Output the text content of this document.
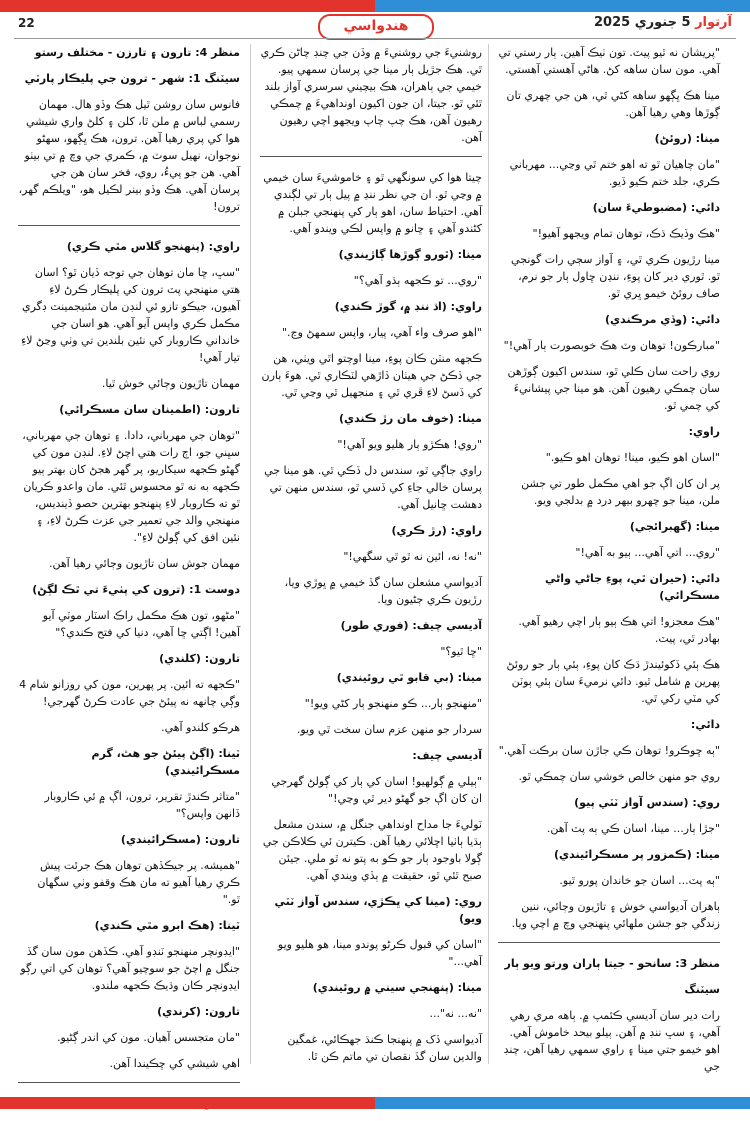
22	هندواسي	آرتوار 5 جنوري 2025

"پريشان نه ٿيو پيٽ. تون ٺيڪ آهين. ٻار رستي تي آهي. مون سان ساهه کڻ. هاڻي آهستي آهستي.

مينا هڪ ڀڳهو ساهه کڻي ٿي، هن جي چهري تان ڳوڙها وهي رهيا آهن.

مينا: (روئڻ)

"مان چاهيان ٿو ته اهو ختم ٿي وڃي... مهرباني ڪري، جلد ختم ڪيو ڏيو.

دائي: (مضبوطيءَ سان)

"هڪ وڏيڪ ڌڪ، توهان تمام ويجهو آهيو!"

مينا رڙيون ڪري ٿي، ۽ آواز سڄي رات گونجي ٿو. ٿوري دير کان پوءِ، ننڍن ڇاول ٻار جو نرم، صاف روئڻ خيمو ڀري ٿو.

دائي: (وڏي مرڪندي)

"مبارڪون! توهان وٽ هڪ خوبصورت ٻار آهي!"

روي راحت سان ڪلي ٿو، سندس اکيون ڳوڙهن سان چمڪي رهيون آهن. هو مينا جي پيشانيءَ کي چمي ٿو.

راوي:

"اسان اهو ڪيو، مينا! توهان اهو ڪيو."

پر ان کان اڳ جو اهي مڪمل طور تي جشن ملن، مينا جو چهرو بيهر درد ۾ بدلجي ويو.

مينا: (گهبرائجي)

"روي... اتي آهي... ٻيو به آهي!"

دائي: (حيران ٿي، پوءِ جاڻي واڻي مسڪرائي)

"هڪ معجزو! اتي هڪ ٻيو ٻار اچي رهيو آهي. بهادر ٿي، پيٽ.

هڪ ٻئي ڏکوئيندڙ ڌڪ کان پوءِ، ٻئي ٻار جو روئڻ پهرين ۾ شامل ٿيو. دائي نرميءَ سان ٻئي ٻوٽن کي مٽي رکي ٿي.

دائي:

"ٻه ڇوڪرو! توهان ڪي جاڙن سان برڪت آهي."

روي جو منهن خالص خوشي سان چمڪي ٿو.

روي: (سندس آواز ٽٽي پيو)

"جڙا ٻار... مينا، اسان ڪي ٻه پٽ آهن.

مينا: (ڪمزور پر مسڪرائيندي)

"ٻه پٽ... اسان جو خاندان پورو ٿيو.

ٻاهران آديواسي خوش ۽ تاڙيون وڄائي، ننين زندگي جو جشن ملهائي پنهنجي وچ ۾ اچي ويا.

منظر 3: سانحو - جيتا ٻاران ورتو ويو ٻار

سيٽنگ

رات دير سان آديسي ڪئمپ ۾. ٻاهه مري رهي آهي، ۽ سڀ ننڊ ۾ آهن. ٻيلو بيحد خاموش آهي. اهو خيمو جتي مينا ۽ راوي سمهي رهيا آهن، چنڊ جي

روشنيءَ جي روشنيءَ ۾ وڏن جي چنڊ چاڻن ڪري ٿي. هڪ جڙيل ٻار مينا جي پرسان سمهي پيو. خيمي جي ٻاهران، هڪ بيچيني سرسري آواز بلند ٿئي ٿو. جيتا، ان جون اکيون اونداهيءَ ۾ چمڪي رهيون آهن، هڪ چپ چاپ ويجهو اچي رهيون آهن.

چيتا هوا کي سونگهي ٿو ۽ خاموشيءَ سان خيمي ۾ وڃي ٿو. ان جي نظر ننڍ ۾ پيل ٻار تي لڳندي آهي. احتياط سان، اهو ٻار کي پنهنجي جبلن ۾ کڻندو آهي ۽ ڇانو ۾ واپس لڪي ويندو آهي.

مينا: (ٿورو ڳوڙها ڳاڙيندي)

"روي... تو ڪجهه ٻڌو آهي؟"

راوي: (اڌ ننڊ ۾، گوڙ ڪندي)

"اهو صرف واء آهي، پيار، واپس سمهڻ وڃ."

ڪجهه منٽن ڪان پوءِ، مينا اوچتو اٿي ويٺي، هن جي ڏڪڻ جي هيٺان ڏاڙهي لٽڪاري ٿي. هوءَ ٻارن کي ڏسڻ لاءِ ڦري ٿي ۽ منجهيل ٿي وڃي ٿي.

مينا: (خوف مان رڙ ڪندي)

"روي! هڪڙو ٻار هليو ويو آهي!"

راوي جاڳي ٿو، سندس دل ڏڪي ٿي. هو مينا جي پرسان خالي جاءِ کي ڏسي ٿو، سندس منهن تي دهشت ڇانيل آهي.

راوي: (رڙ ڪري)

"نه! نه، ائين نه ٿو ٿي سگهي!"

آديواسي مشعلن سان گڏ خيمي ۾ ڀوڙي ويا، رڙيون ڪري ڄڻيون ويا.

آديسي چيف: (فوري طور)

"ڇا ٿيو؟"

مينا: (بي قابو ٿي روئيندي)

"منهنجو ٻار... ڪو منهنجو ٻار کڻي ويو!"

سردار جو منهن عزم سان سخت ٿي ويو.

آديسي چيف:

"ٻيلي ۾ ڳولهيو! اسان کي ٻار کي ڳولڻ گهرجي ان کان اڳ جو گهڻو دير ٿي وڃي!"

ٽوليءَ جا مداح اونداهي جنگل ۾، سندن مشعل ٻڌيا ٻاٺيا اڇلائي رهيا آهن. ڪيترن ئي ڪلاڪن جي ڳولا باوجود ٻار جو ڪو به پتو نه ٿو ملي. جيئن صبح ٿئي ٿو، حقيقت ۾ ٻڏي ويندي آهي.

روي: (مينا کي ڀڪڙي، سندس آواز ٽٽي ويو)

"اسان کي قبول ڪرڻو پوندو مينا، هو هليو ويو آهي..."

مينا: (پنهنجي سيني ۾ روئيندي)

"نه... نه"...

آديواسي ڏک ۾ پنهنجا ڪنڌ جهڪائي، غمگين والدين سان گڏ نقصان تي ماتم ڪن ٿا.

منظر 4: تارون ۽ تارزن - مختلف رستو

سيٽنگ 1: شهر - ترون جي پليڪار پارٽي

فانوس سان روشن ٿيل هڪ وڏو هال. مهمان رسمي لباس ۾ ملن ٿا، کلن ۽ کلڻ واري شيشي هوا کي پري رهيا آهن. ترون، هڪ ڀڳهو، سهڻو نوجوان، نهيل سوٽ ۾، ڪمري جي وچ ۾ تي بيٺو آهي. هن جو پيءُ، روي، فخر سان هن جي پرسان آهي. هڪ وڏو بينر لڪيل هو، "ويلڪم گهر، ترون!

راوي: (پنهنجو گلاس مٿي ڪري)

"سڀ، ڇا مان توهان جي توجه ڏيان ٿو؟ اسان هتي منهنجي پٽ ترون کي پليڪار ڪرڻ لاءِ آهيون، جيڪو تازو ئي لنڊن مان مئنيجمينٽ ڊگري مڪمل ڪري واپس آيو آهي. هو اسان جي خانداني ڪاروبار کي نئين بلندين تي وٺي وڃڻ لاءِ تيار آهي!

مهمان تاڙيون وڄائي خوش ٿيا.

تارون: (اطمينان سان مسڪرائي)

"توهان جي مهرباني، دادا. ۽ توهان جي مهرباني، سڀني جو، اڄ رات هتي اچڻ لاءِ. لنڊن مون کي گهڻو ڪجهه سيکاريو، پر گهر هجڻ کان بهتر ٻيو ڪجهه به نه ٿو محسوس ٿئي. مان واعدو ڪريان ٿو ته ڪاروبار لاءِ پنهنجو بهترين حصو ڏينديس، منهنجي والد جي تعمير جي عزت ڪرڻ لاءِ، ۽ نئين افق کي ڳولڻ لاءِ".

مهمان جوش سان تاڙيون وڄائي رهيا آهن.

دوست 1: (ترون کي پٺيءَ تي ٿڪ لڳڻ)

"مڻهو، تون هڪ مڪمل راڪ اسٽار موٽي آيو آهين! اڳتي ڇا آهي، دنيا کي فتح ڪندي؟"

تارون: (کلندي)

"ڪجهه ته ائين. پر پهرين، مون کي روزانو شام 4 وڳي چانهه نه پيئڻ جي عادت ڪرڻ گهرجي!

هرڪو کلندو آهي.

ٽينا: (اڳڻ پيئڻ جو هٿ، گرم مسڪرائيندي)

"متاثر ڪندڙ تقرير، ترون، اڳ ۾ ئي ڪاروبار ڏانهن واپس؟"

تارون: (مسڪرائيندي)

"هميشه. پر جيڪڏهن توهان هڪ جرئت پيش ڪري رهيا آهيو ته مان هڪ وقفو وٺي سگهان ٿو."

ٽينا: (هڪ ابرو مٿي ڪندي)

"ايڊونچر منهنجو ٽنڊو آهي. ڪڏهن مون سان گڏ جنگل ۾ اچڻ جو سوچيو آهي؟ توهان کي اتي رڳو ايڊونچر ڪان وڌيڪ ڪجهه ملندو.

تارون: (کرندي)

"مان متجسس آهيان. مون کي اندر ڳڻيو.

اهي شيشي کي ڇڪيندا آهن.
